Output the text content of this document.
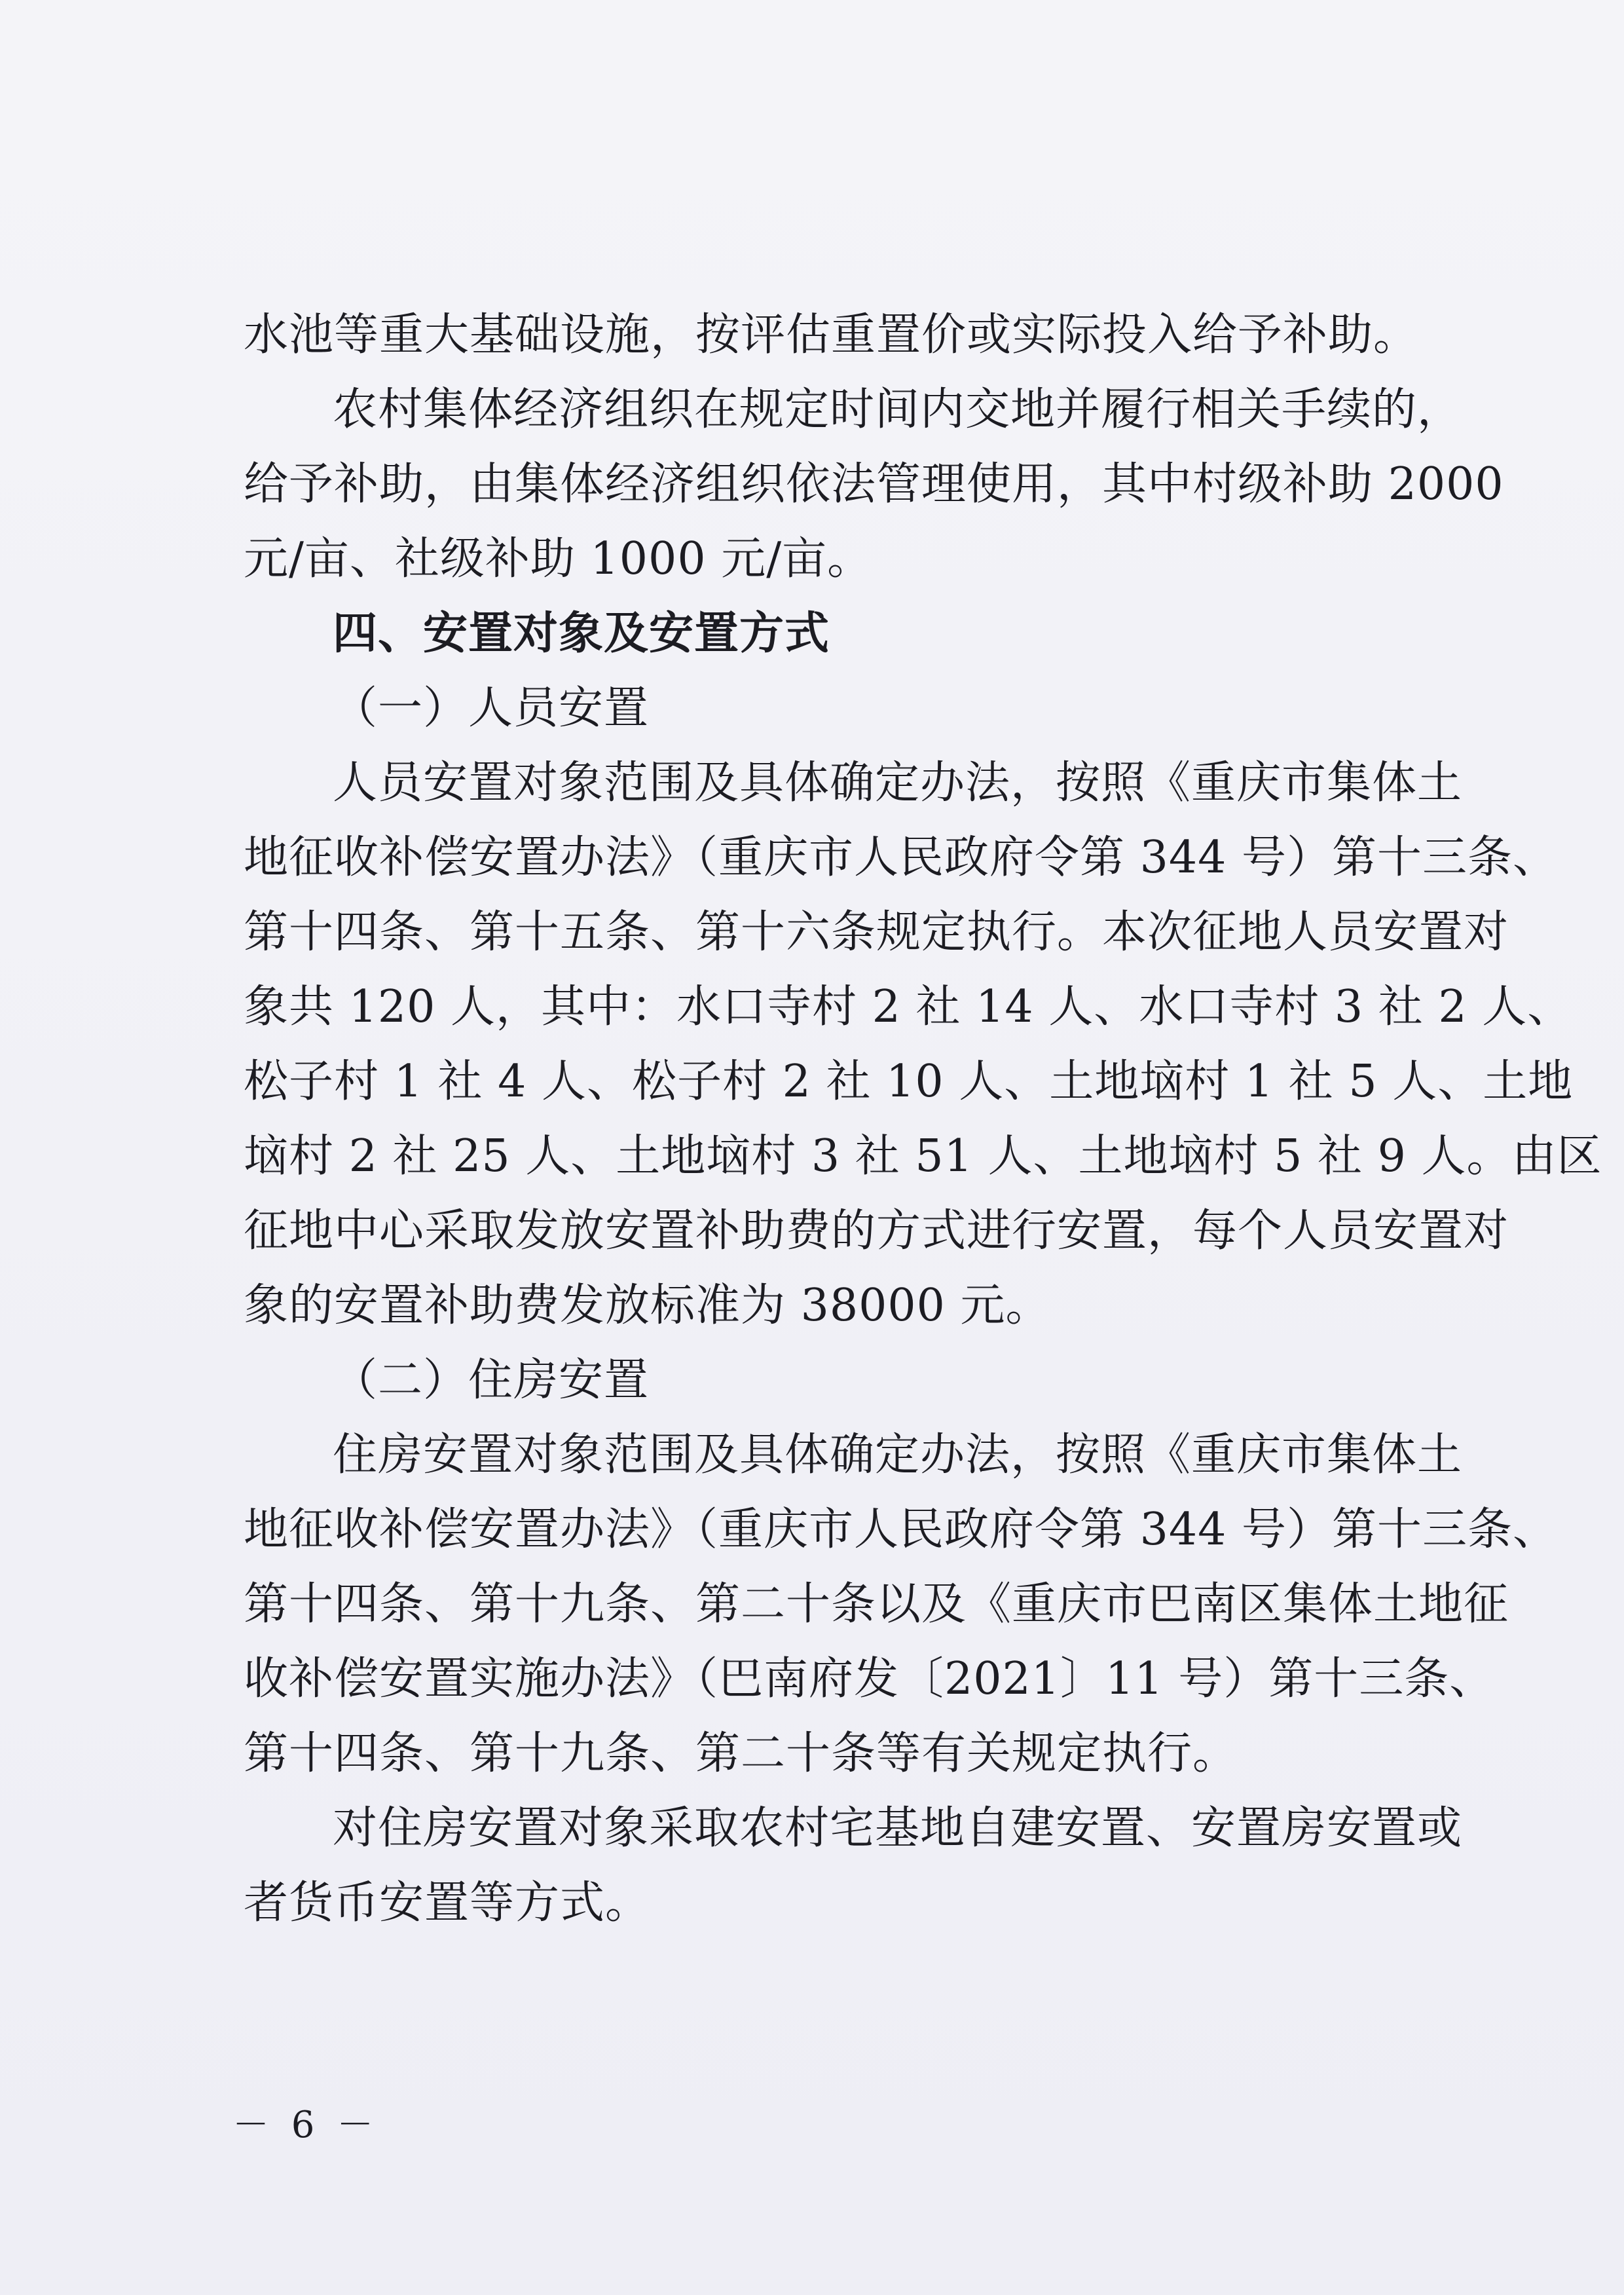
水池等重大基础设施，按评估重置价或实际投入给予补助。
农村集体经济组织在规定时间内交地并履行相关手续的，
给予补助，由集体经济组织依法管理使用，其中村级补助 2000
元/亩、社级补助 1000 元/亩。
四、安置对象及安置方式
（一）人员安置
人员安置对象范围及具体确定办法，按照《重庆市集体土
地征收补偿安置办法》（重庆市人民政府令第 344 号）第十三条、
第十四条、第十五条、第十六条规定执行。本次征地人员安置对
象共 120 人，其中：水口寺村 2 社 14 人、水口寺村 3 社 2 人、
松子村 1 社 4 人、松子村 2 社 10 人、土地垴村 1 社 5 人、土地
垴村 2 社 25 人、土地垴村 3 社 51 人、土地垴村 5 社 9 人。由区
征地中心采取发放安置补助费的方式进行安置，每个人员安置对
象的安置补助费发放标准为 38000 元。
（二）住房安置
住房安置对象范围及具体确定办法，按照《重庆市集体土
地征收补偿安置办法》（重庆市人民政府令第 344 号）第十三条、
第十四条、第十九条、第二十条以及《重庆市巴南区集体土地征
收补偿安置实施办法》（巴南府发〔2021〕11 号）第十三条、
第十四条、第十九条、第二十条等有关规定执行。
对住房安置对象采取农村宅基地自建安置、安置房安置或
者货币安置等方式。
－ 6 －
